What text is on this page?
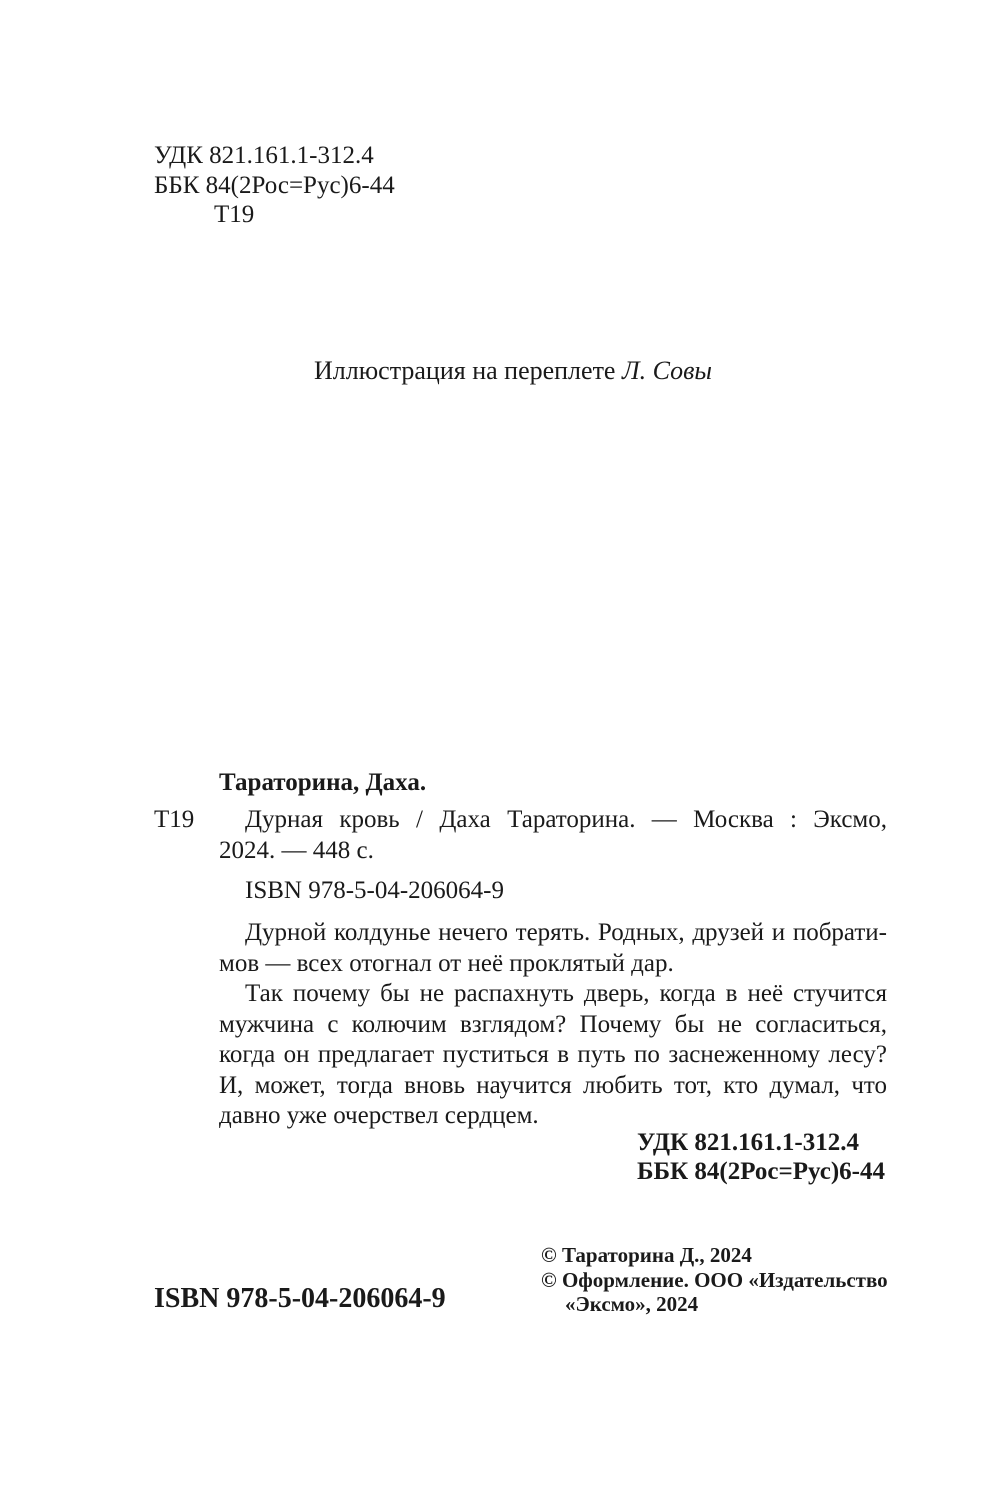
УДК 821.161.1-312.4
ББК 84(2Рос=Рус)6-44
Т19
Иллюстрация на переплете Л. Совы
Тараторина, Даха.
Т19 Дурная кровь / Даха Тараторина. — Москва : Эксмо,
2024. — 448 с.
ISBN 978-5-04-206064-9

Дурной колдунье нечего терять. Родных, друзей и побратимов — всех отогнал от неё проклятый дар.

Так почему бы не распахнуть дверь, когда в неё стучится мужчина с колючим взглядом? Почему бы не согласиться, когда он предлагает пуститься в путь по заснеженному лесу? И, может, тогда вновь научится любить тот, кто думал, что давно уже очерствел сердцем.

УДК 821.161.1-312.4
ББК 84(2Рос=Рус)6-44
© Тараторина Д., 2024
© Оформление. ООО «Издательство
«Эксмо», 2024
ISBN 978-5-04-206064-9
